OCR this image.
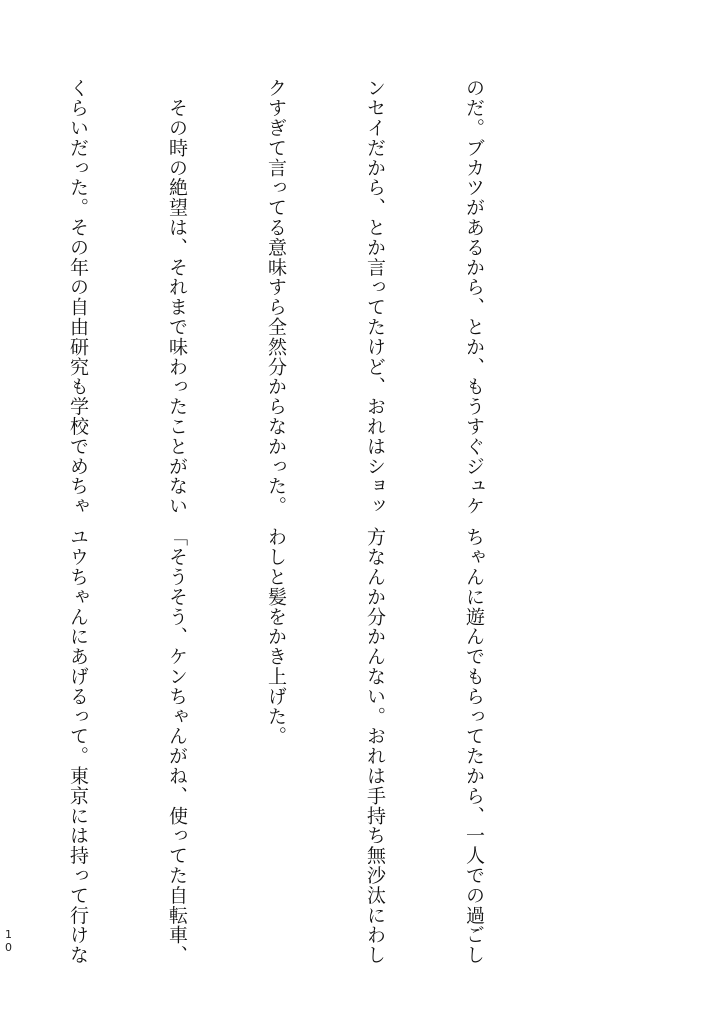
のだ。ブカツがあるから、とか、もうすぐジュケ

ンセイだから、とか言ってたけど、おれはショッ

クすぎて言ってる意味すら全然分からなかった。

　その時の絶望は、それまで味わったことがない

くらいだった。その年の自由研究も学校でめちゃ

ちゃんに遊んでもらってたから、一人での過ごし

方なんか分かんない。おれは手持ち無沙汰にわし

わしと髪をかき上げた。

「そうそう、ケンちゃんがね、使ってた自転車、

ユウちゃんにあげるって。東京には持って行けな

10
